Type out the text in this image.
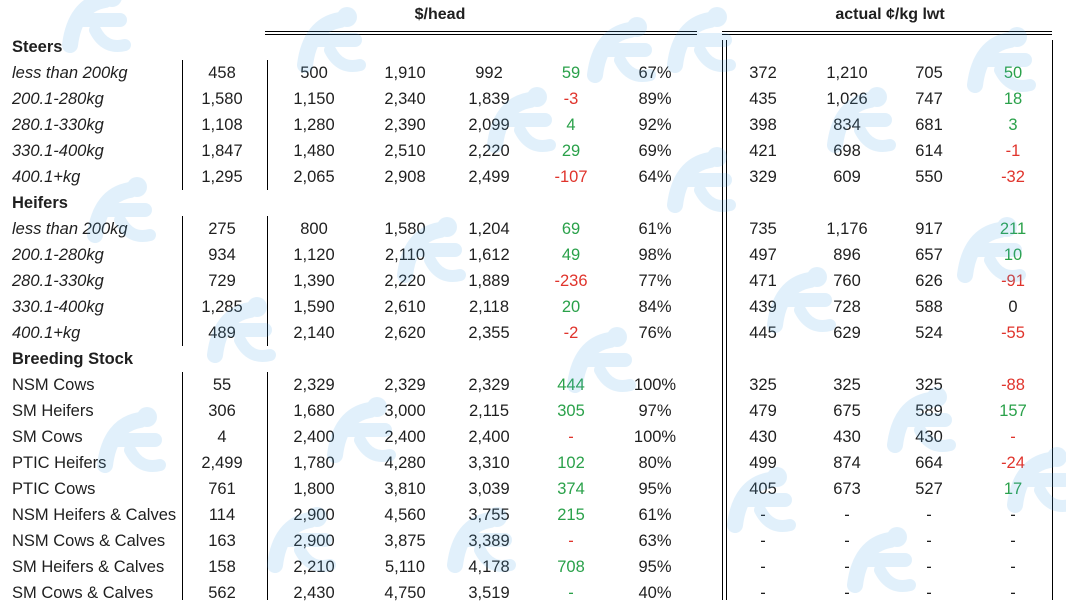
$/head	actual ¢/kg lwt
Steers
less than 200kg	458	500	1,910	992	59	67%	372	1,210	705	50
200.1-280kg	1,580	1,150	2,340	1,839	-3	89%	435	1,026	747	18
280.1-330kg	1,108	1,280	2,390	2,099	4	92%	398	834	681	3
330.1-400kg	1,847	1,480	2,510	2,220	29	69%	421	698	614	-1
400.1+kg	1,295	2,065	2,908	2,499	-107	64%	329	609	550	-32
Heifers
less than 200kg	275	800	1,580	1,204	69	61%	735	1,176	917	211
200.1-280kg	934	1,120	2,110	1,612	49	98%	497	896	657	10
280.1-330kg	729	1,390	2,220	1,889	-236	77%	471	760	626	-91
330.1-400kg	1,285	1,590	2,610	2,118	20	84%	439	728	588	0
400.1+kg	489	2,140	2,620	2,355	-2	76%	445	629	524	-55
Breeding Stock
NSM Cows	55	2,329	2,329	2,329	444	100%	325	325	325	-88
SM Heifers	306	1,680	3,000	2,115	305	97%	479	675	589	157
SM Cows	4	2,400	2,400	2,400	-	100%	430	430	430	-
PTIC Heifers	2,499	1,780	4,280	3,310	102	80%	499	874	664	-24
PTIC Cows	761	1,800	3,810	3,039	374	95%	405	673	527	17
NSM Heifers & Calves	114	2,900	4,560	3,755	215	61%	-	-	-	-
NSM Cows & Calves	163	2,900	3,875	3,389	-	63%	-	-	-	-
SM Heifers & Calves	158	2,210	5,110	4,178	708	95%	-	-	-	-
SM Cows & Calves	562	2,430	4,750	3,519	-	40%	-	-	-	-
